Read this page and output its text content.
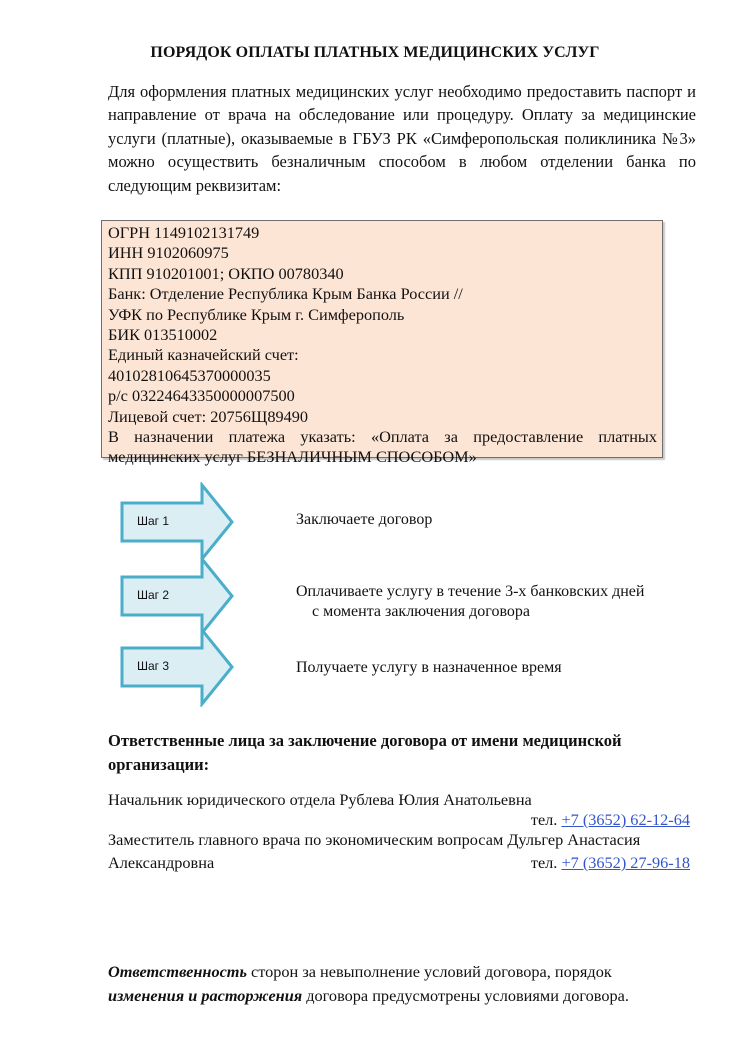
ПОРЯДОК ОПЛАТЫ ПЛАТНЫХ МЕДИЦИНСКИХ УСЛУГ
Для оформления платных медицинских услуг необходимо предоставить паспорт и направление от врача на обследование или процедуру. Оплату за медицинские услуги (платные), оказываемые в ГБУЗ РК «Симферопольская поликлиника №3» можно осуществить безналичным способом в любом отделении банка по следующим реквизитам:
ОГРН 1149102131749
ИНН 9102060975
КПП 910201001; ОКПО 00780340
Банк: Отделение Республика Крым Банка России //
УФК по Республике Крым г. Симферополь
БИК 013510002
Единый казначейский счет:
40102810645370000035
р/с 03224643350000007500
Лицевой счет: 20756Щ89490
В назначении платежа указать: «Оплата за предоставление платных медицинских услуг БЕЗНАЛИЧНЫМ СПОСОБОМ»
Шаг 1	Заключаете договор
Шаг 2	Оплачиваете услугу в течение 3-х банковских дней
с момента заключения договора
Шаг 3	Получаете услугу в назначенное время
Ответственные лица за заключение договора от имени медицинской организации:
Начальник юридического отдела Рублева Юлия Анатольевна
тел. +7 (3652) 62-12-64
Заместитель главного врача по экономическим вопросам Дульгер Анастасия
Александровна	тел. +7 (3652) 27-96-18
Ответственность сторон за невыполнение условий договора, порядок
изменения и расторжения договора предусмотрены условиями договора.
